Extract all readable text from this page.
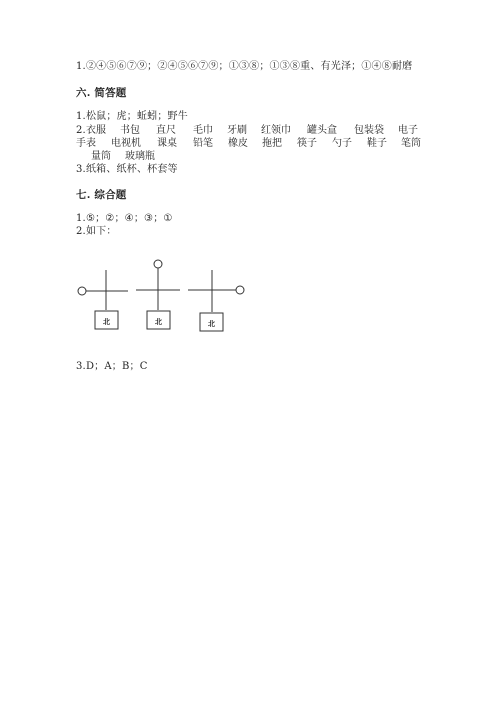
1.②④⑤⑥⑦⑨；②④⑤⑥⑦⑨；①③⑧；①③⑧重、有光泽；①④⑧耐磨
六. 简答题
1.松鼠；虎；蚯蚓；野牛
2. 衣服 书包 直尺 毛巾 牙刷 红领巾 罐头盒 包装袋 电子
手表 电视机 课桌 铅笔 橡皮 拖把 筷子 勺子 鞋子 笔筒
量筒 玻璃瓶
3.纸箱、纸杯、杯套等
七. 综合题
1.⑤；②；④；③；①
2.如下：
北	北	北
3.D；A；B；C
